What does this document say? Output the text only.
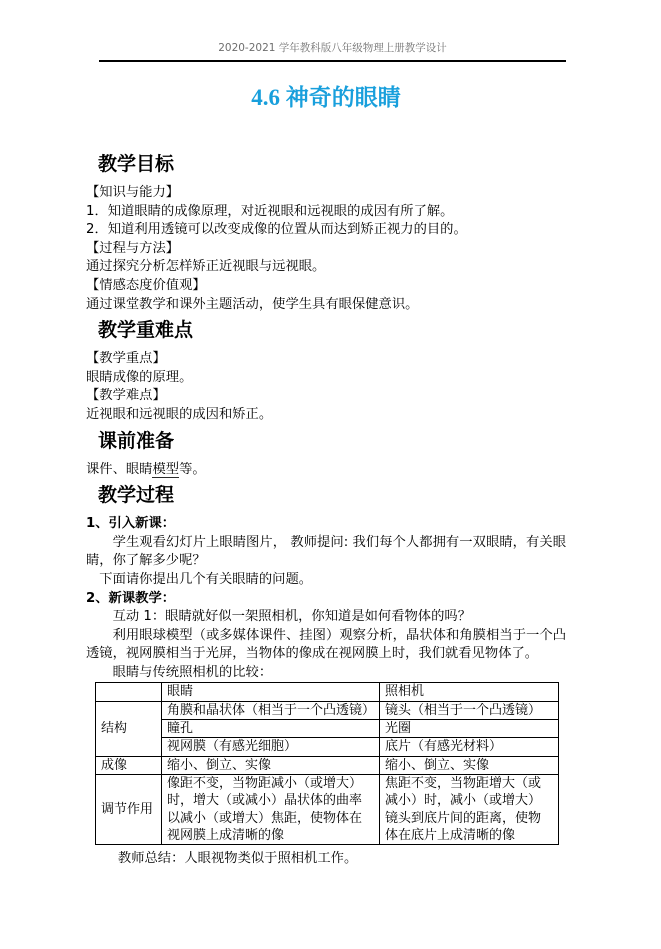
2020-2021 学年教科版八年级物理上册教学设计
4.6 神奇的眼睛
教学目标

【知识与能力】

1．知道眼睛的成像原理，对近视眼和远视眼的成因有所了解。

2．知道利用透镜可以改变成像的位置从而达到矫正视力的目的。

【过程与方法】

通过探究分析怎样矫正近视眼与远视眼。

【情感态度价值观】

通过课堂教学和课外主题活动，使学生具有眼保健意识。

教学重难点

【教学重点】

眼睛成像的原理。

【教学难点】

近视眼和远视眼的成因和矫正。

课前准备

课件、眼睛模型等。

教学过程

1、引入新课：

学生观看幻灯片上眼睛图片， 教师提问: 我们每个人都拥有一双眼睛，有关眼睛，你了解多少呢？

下面请你提出几个有关眼睛的问题。

2、新课教学：

互动 1：眼睛就好似一架照相机，你知道是如何看物体的吗？

利用眼球模型（或多媒体课件、挂图）观察分析，晶状体和角膜相当于一个凸透镜，视网膜相当于光屏，当物体的像成在视网膜上时，我们就看见物体了。

眼睛与传统照相机的比较：

	眼睛	照相机
结构	角膜和晶状体（相当于一个凸透镜）	镜头（相当于一个凸透镜）
	瞳孔	光圈
	视网膜（有感光细胞）	底片（有感光材料）
成像	缩小、倒立、实像	缩小、倒立、实像
调节作用	像距不变，当物距减小（或增大）时，增大（或减小）晶状体的曲率以减小（或增大）焦距，使物体在视网膜上成清晰的像	焦距不变，当物距增大（或减小）时，减小（或增大）镜头到底片间的距离，使物体在底片上成清晰的像

教师总结：人眼视物类似于照相机工作。
